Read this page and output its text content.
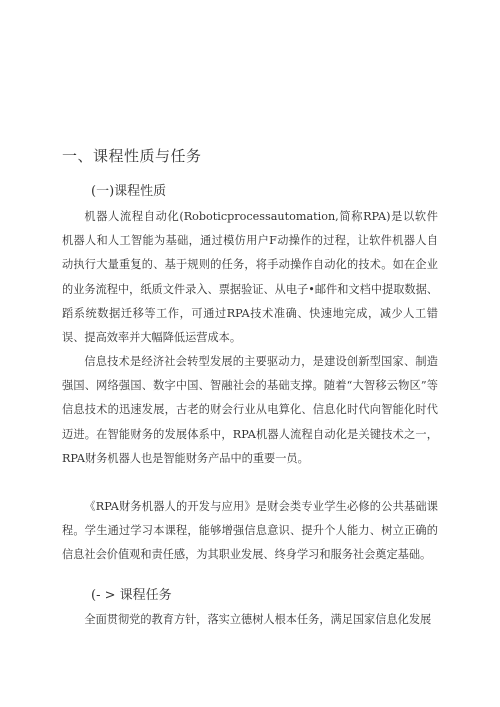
一、课程性质与任务
(一)课程性质

机器人流程自动化(Roboticprocessautomation,简称RPA)是以软件机器人和人工智能为基础，通过模仿用户F动操作的过程，让软件机器人自动执行大量重复的、基于规则的任务，将手动操作自动化的技术。如在企业的业务流程中，纸质文件录入、票据验证、从电子•邮件和文档中提取数据、蹈系统数据迁移等工作，可通过RPA技术准确、快速地完成，减少人工错误、提高效率并大幅降低运营成本。

信息技术是经济社会转型发展的主要驱动力，是建设创新型国家、制造强国、网络强国、数字中国、智融社会的基础支撑。随着“大智移云物区”等信息技术的迅速发展，古老的财会行业从电算化、信息化时代向智能化时代迈进。在智能财务的发展体系中，RPA机器人流程自动化是关键技术之一，RPA财务机器人也是智能财务产品中的重要一员。

《RPA财务机器人的开发与应用》是财会类专业学生必修的公共基础课程。学生通过学习本课程，能够增强信息意识、提升个人能力、树立正确的信息社会价值观和责任感，为其职业发展、终身学习和服务社会奠定基础。

(- > 课程任务

全面贯彻党的教育方针，落实立德树人根本任务，满足国家信息化发展
